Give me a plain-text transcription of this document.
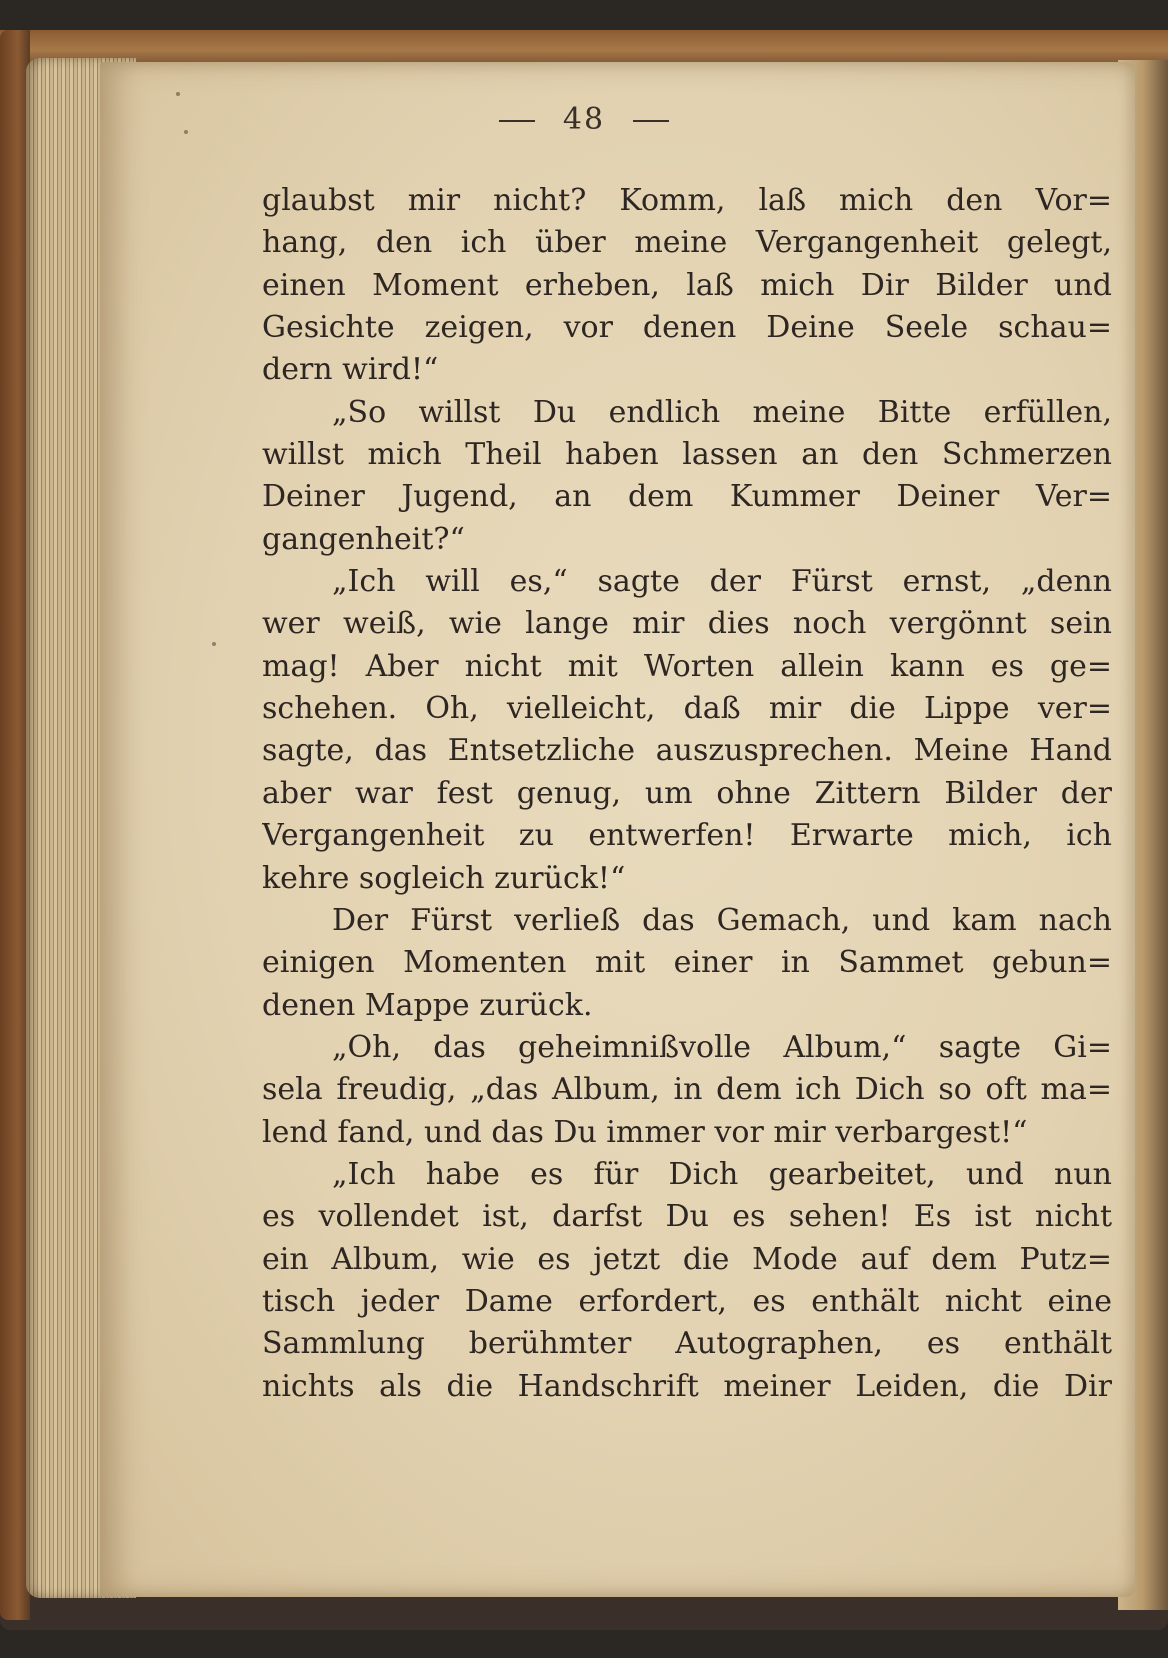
48
glaubst mir nicht? Komm, laß mich den Vor=
hang, den ich über meine Vergangenheit gelegt,
einen Moment erheben, laß mich Dir Bilder und
Gesichte zeigen, vor denen Deine Seele schau=
dern wird!“
„So willst Du endlich meine Bitte erfüllen,
willst mich Theil haben lassen an den Schmerzen
Deiner Jugend, an dem Kummer Deiner Ver=
gangenheit?“
„Ich will es,“ sagte der Fürst ernst, „denn
wer weiß, wie lange mir dies noch vergönnt sein
mag! Aber nicht mit Worten allein kann es ge=
schehen. Oh, vielleicht, daß mir die Lippe ver=
sagte, das Entsetzliche auszusprechen. Meine Hand
aber war fest genug, um ohne Zittern Bilder der
Vergangenheit zu entwerfen! Erwarte mich, ich
kehre sogleich zurück!“
Der Fürst verließ das Gemach, und kam nach
einigen Momenten mit einer in Sammet gebun=
denen Mappe zurück.
„Oh, das geheimnißvolle Album,“ sagte Gi=
sela freudig, „das Album, in dem ich Dich so oft ma=
lend fand, und das Du immer vor mir verbargest!“
„Ich habe es für Dich gearbeitet, und nun
es vollendet ist, darfst Du es sehen! Es ist nicht
ein Album, wie es jetzt die Mode auf dem Putz=
tisch jeder Dame erfordert, es enthält nicht eine
Sammlung berühmter Autographen, es enthält
nichts als die Handschrift meiner Leiden, die Dir
